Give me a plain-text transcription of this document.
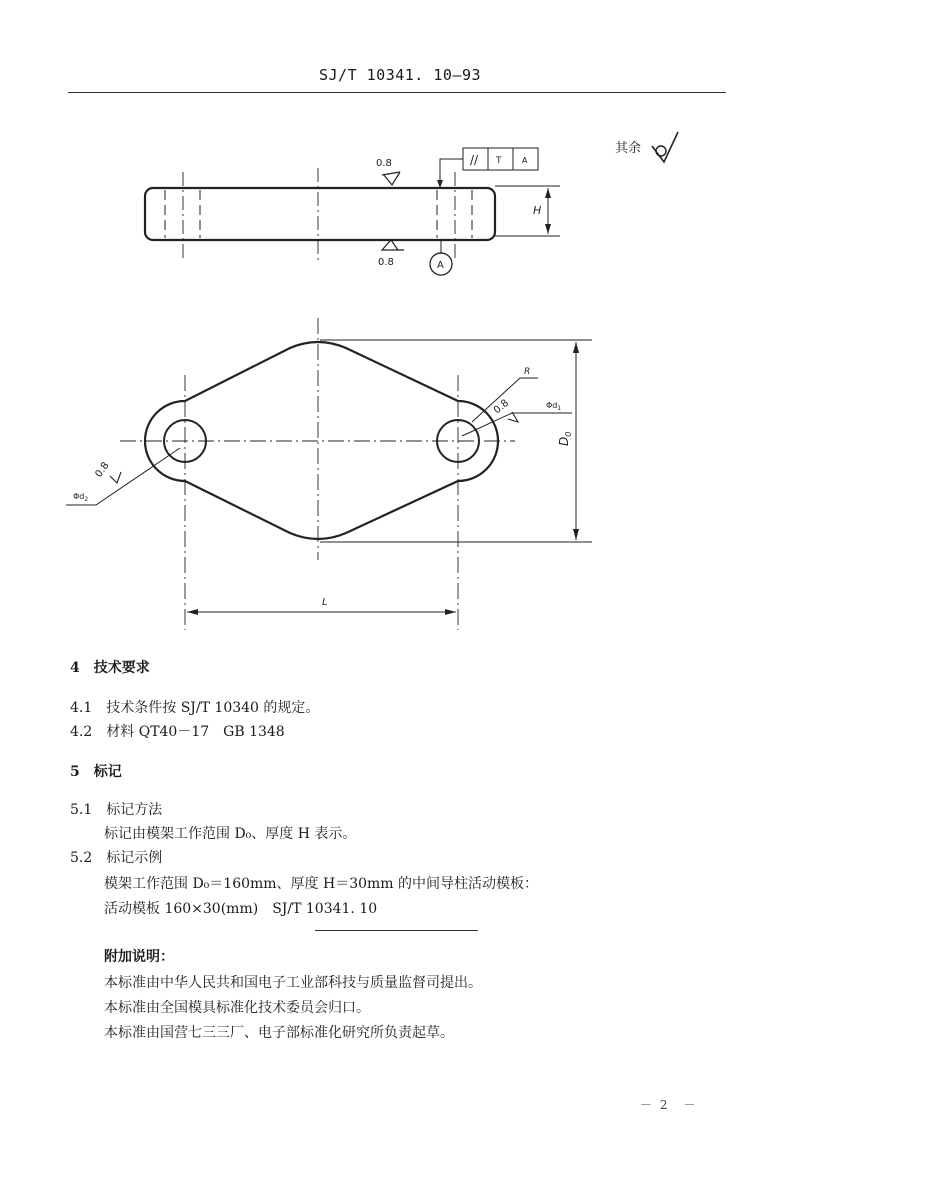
SJ/T 10341. 10—93
其余
H
0.8
0.8
// T	A
A
$D_0$
L
R
0.8	$\Phi d_1$
0.8
$\Phi d_2$
4　技术要求
4.1　技术条件按 SJ/T 10340 的规定。
4.2　材料 QT40－17　GB 1348
5　标记
5.1　标记方法
标记由模架工作范围 D₀、厚度 H 表示。
5.2　标记示例
模架工作范围 D₀＝160mm、厚度 H＝30mm 的中间导柱活动模板：
活动模板 160×30(mm)　SJ/T 10341. 10
附加说明：
本标准由中华人民共和国电子工业部科技与质量监督司提出。
本标准由全国模具标准化技术委员会归口。
本标准由国营七三三厂、电子部标准化研究所负责起草。
－ 2　－
